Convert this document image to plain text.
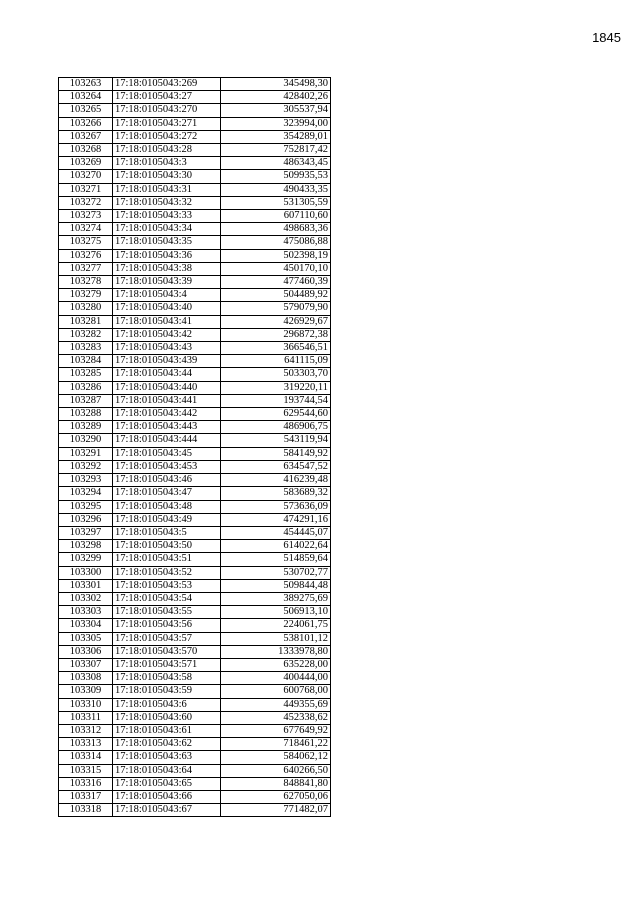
1845
103263	17:18:0105043:269	345498,30
103264	17:18:0105043:27	428402,26
103265	17:18:0105043:270	305537,94
103266	17:18:0105043:271	323994,00
103267	17:18:0105043:272	354289,01
103268	17:18:0105043:28	752817,42
103269	17:18:0105043:3	486343,45
103270	17:18:0105043:30	509935,53
103271	17:18:0105043:31	490433,35
103272	17:18:0105043:32	531305,59
103273	17:18:0105043:33	607110,60
103274	17:18:0105043:34	498683,36
103275	17:18:0105043:35	475086,88
103276	17:18:0105043:36	502398,19
103277	17:18:0105043:38	450170,10
103278	17:18:0105043:39	477460,39
103279	17:18:0105043:4	504489,92
103280	17:18:0105043:40	579079,90
103281	17:18:0105043:41	426929,67
103282	17:18:0105043:42	296872,38
103283	17:18:0105043:43	366546,51
103284	17:18:0105043:439	641115,09
103285	17:18:0105043:44	503303,70
103286	17:18:0105043:440	319220,11
103287	17:18:0105043:441	193744,54
103288	17:18:0105043:442	629544,60
103289	17:18:0105043:443	486906,75
103290	17:18:0105043:444	543119,94
103291	17:18:0105043:45	584149,92
103292	17:18:0105043:453	634547,52
103293	17:18:0105043:46	416239,48
103294	17:18:0105043:47	583689,32
103295	17:18:0105043:48	573636,09
103296	17:18:0105043:49	474291,16
103297	17:18:0105043:5	454445,07
103298	17:18:0105043:50	614022,64
103299	17:18:0105043:51	514859,64
103300	17:18:0105043:52	530702,77
103301	17:18:0105043:53	509844,48
103302	17:18:0105043:54	389275,69
103303	17:18:0105043:55	506913,10
103304	17:18:0105043:56	224061,75
103305	17:18:0105043:57	538101,12
103306	17:18:0105043:570	1333978,80
103307	17:18:0105043:571	635228,00
103308	17:18:0105043:58	400444,00
103309	17:18:0105043:59	600768,00
103310	17:18:0105043:6	449355,69
103311	17:18:0105043:60	452338,62
103312	17:18:0105043:61	677649,92
103313	17:18:0105043:62	718461,22
103314	17:18:0105043:63	584062,12
103315	17:18:0105043:64	640266,50
103316	17:18:0105043:65	848841,80
103317	17:18:0105043:66	627050,06
103318	17:18:0105043:67	771482,07
